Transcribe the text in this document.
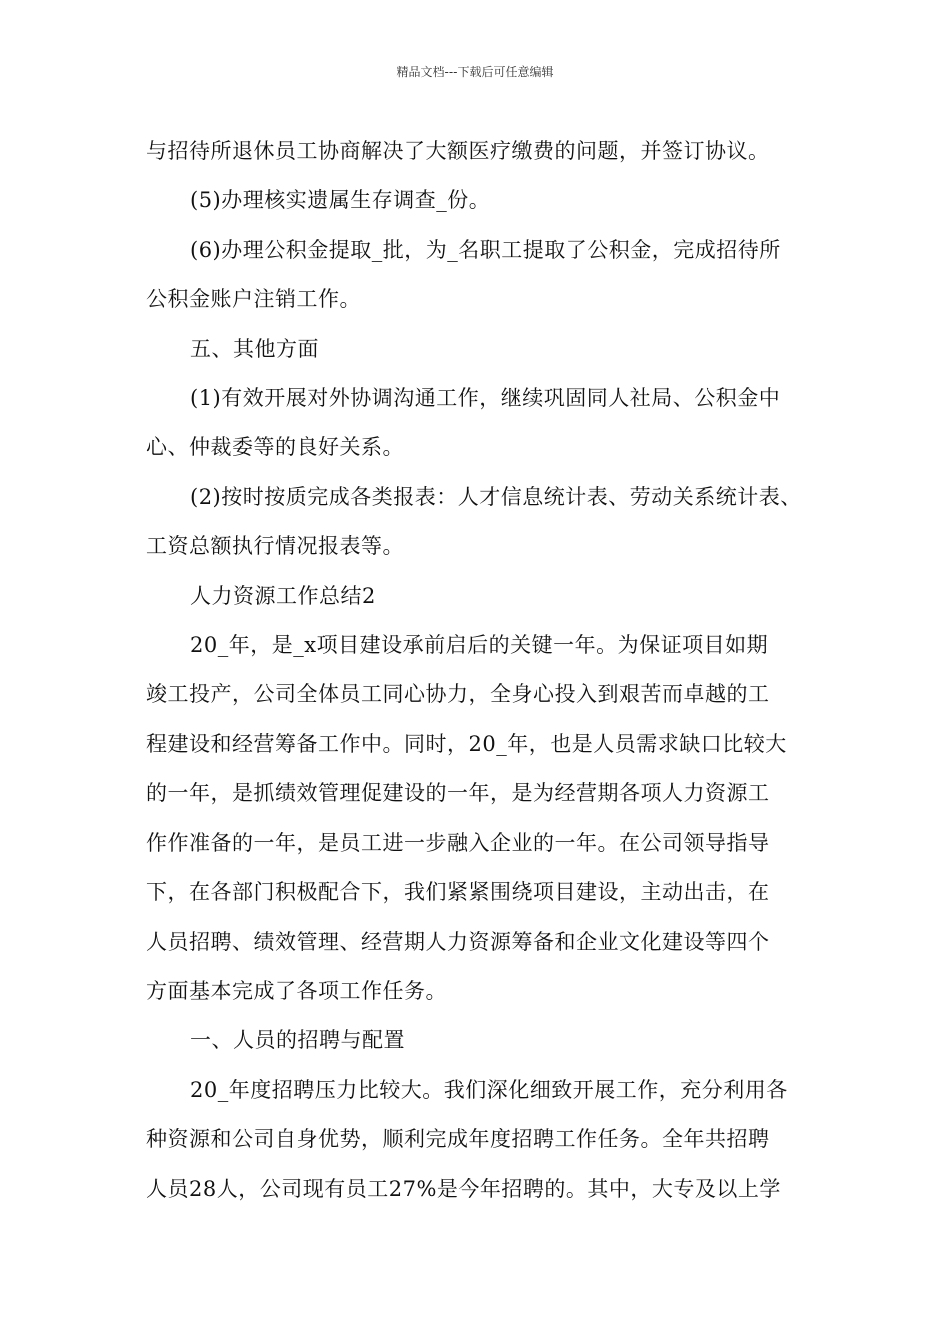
精品文档---下载后可任意编辑

与招待所退休员工协商解决了大额医疗缴费的问题，并签订协议。

(5)办理核实遗属生存调查_份。

(6)办理公积金提取_批，为_名职工提取了公积金，完成招待所

公积金账户注销工作。

五、其他方面

(1)有效开展对外协调沟通工作，继续巩固同人社局、公积金中

心、仲裁委等的良好关系。

(2)按时按质完成各类报表：人才信息统计表、劳动关系统计表、

工资总额执行情况报表等。

人力资源工作总结2

20_年，是_x项目建设承前启后的关键一年。为保证项目如期

竣工投产，公司全体员工同心协力，全身心投入到艰苦而卓越的工

程建设和经营筹备工作中。同时，20_年，也是人员需求缺口比较大

的一年，是抓绩效管理促建设的一年，是为经营期各项人力资源工

作作准备的一年，是员工进一步融入企业的一年。在公司领导指导

下，在各部门积极配合下，我们紧紧围绕项目建设，主动出击，在

人员招聘、绩效管理、经营期人力资源筹备和企业文化建设等四个

方面基本完成了各项工作任务。

一、人员的招聘与配置

20_年度招聘压力比较大。我们深化细致开展工作，充分利用各

种资源和公司自身优势，顺利完成年度招聘工作任务。全年共招聘

人员28人，公司现有员工27%是今年招聘的。其中，大专及以上学
